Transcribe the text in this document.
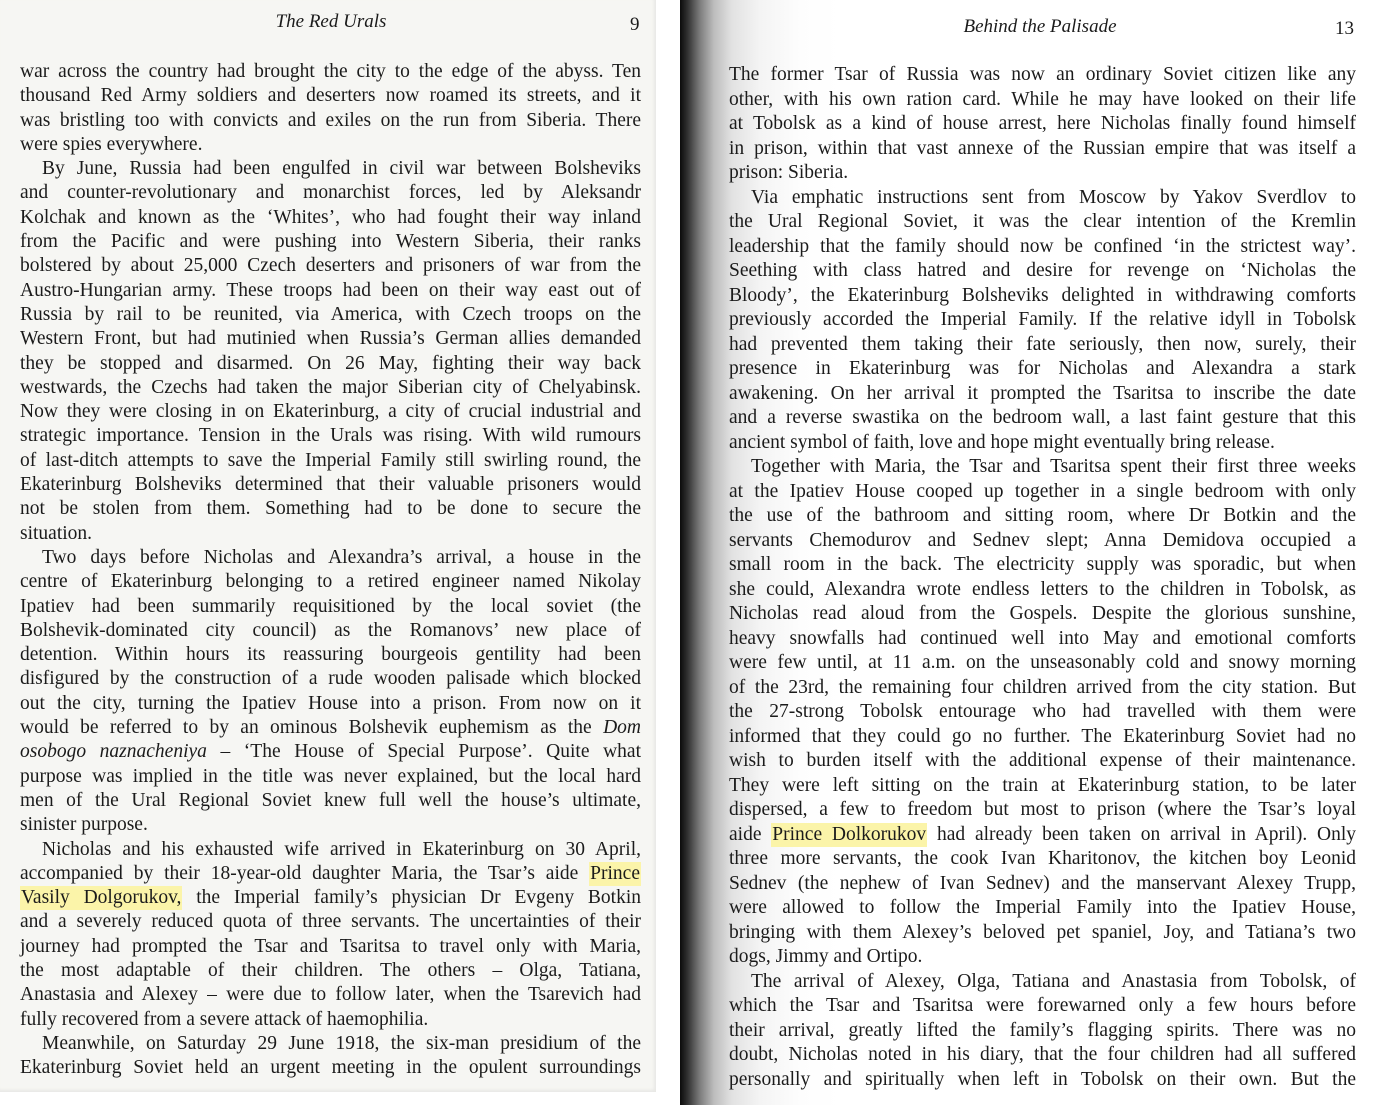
The Red Urals	9
war across the country had brought the city to the edge of the abyss. Ten
thousand Red Army soldiers and deserters now roamed its streets, and it
was bristling too with convicts and exiles on the run from Siberia. There
were spies everywhere.
By June, Russia had been engulfed in civil war between Bolsheviks
and counter-revolutionary and monarchist forces, led by Aleksandr
Kolchak and known as the ‘Whites’, who had fought their way inland
from the Pacific and were pushing into Western Siberia, their ranks
bolstered by about 25,000 Czech deserters and prisoners of war from the
Austro-Hungarian army. These troops had been on their way east out of
Russia by rail to be reunited, via America, with Czech troops on the
Western Front, but had mutinied when Russia’s German allies demanded
they be stopped and disarmed. On 26 May, fighting their way back
westwards, the Czechs had taken the major Siberian city of Chelyabinsk.
Now they were closing in on Ekaterinburg, a city of crucial industrial and
strategic importance. Tension in the Urals was rising. With wild rumours
of last-ditch attempts to save the Imperial Family still swirling round, the
Ekaterinburg Bolsheviks determined that their valuable prisoners would
not be stolen from them. Something had to be done to secure the
situation.
Two days before Nicholas and Alexandra’s arrival, a house in the
centre of Ekaterinburg belonging to a retired engineer named Nikolay
Ipatiev had been summarily requisitioned by the local soviet (the
Bolshevik-dominated city council) as the Romanovs’ new place of
detention. Within hours its reassuring bourgeois gentility had been
disfigured by the construction of a rude wooden palisade which blocked
out the city, turning the Ipatiev House into a prison. From now on it
would be referred to by an ominous Bolshevik euphemism as the Dom
osobogo naznacheniya – ‘The House of Special Purpose’. Quite what
purpose was implied in the title was never explained, but the local hard
men of the Ural Regional Soviet knew full well the house’s ultimate,
sinister purpose.
Nicholas and his exhausted wife arrived in Ekaterinburg on 30 April,
accompanied by their 18-year-old daughter Maria, the Tsar’s aide Prince
Vasily Dolgorukov, the Imperial family’s physician Dr Evgeny Botkin
and a severely reduced quota of three servants. The uncertainties of their
journey had prompted the Tsar and Tsaritsa to travel only with Maria,
the most adaptable of their children. The others – Olga, Tatiana,
Anastasia and Alexey – were due to follow later, when the Tsarevich had
fully recovered from a severe attack of haemophilia.
Meanwhile, on Saturday 29 June 1918, the six-man presidium of the
Ekaterinburg Soviet held an urgent meeting in the opulent surroundings
Behind the Palisade	13
The former Tsar of Russia was now an ordinary Soviet citizen like any
other, with his own ration card. While he may have looked on their life
at Tobolsk as a kind of house arrest, here Nicholas finally found himself
in prison, within that vast annexe of the Russian empire that was itself a
prison: Siberia.
Via emphatic instructions sent from Moscow by Yakov Sverdlov to
the Ural Regional Soviet, it was the clear intention of the Kremlin
leadership that the family should now be confined ‘in the strictest way’.
Seething with class hatred and desire for revenge on ‘Nicholas the
Bloody’, the Ekaterinburg Bolsheviks delighted in withdrawing comforts
previously accorded the Imperial Family. If the relative idyll in Tobolsk
had prevented them taking their fate seriously, then now, surely, their
presence in Ekaterinburg was for Nicholas and Alexandra a stark
awakening. On her arrival it prompted the Tsaritsa to inscribe the date
and a reverse swastika on the bedroom wall, a last faint gesture that this
ancient symbol of faith, love and hope might eventually bring release.
Together with Maria, the Tsar and Tsaritsa spent their first three weeks
at the Ipatiev House cooped up together in a single bedroom with only
the use of the bathroom and sitting room, where Dr Botkin and the
servants Chemodurov and Sednev slept; Anna Demidova occupied a
small room in the back. The electricity supply was sporadic, but when
she could, Alexandra wrote endless letters to the children in Tobolsk, as
Nicholas read aloud from the Gospels. Despite the glorious sunshine,
heavy snowfalls had continued well into May and emotional comforts
were few until, at 11 a.m. on the unseasonably cold and snowy morning
of the 23rd, the remaining four children arrived from the city station. But
the 27-strong Tobolsk entourage who had travelled with them were
informed that they could go no further. The Ekaterinburg Soviet had no
wish to burden itself with the additional expense of their maintenance.
They were left sitting on the train at Ekaterinburg station, to be later
dispersed, a few to freedom but most to prison (where the Tsar’s loyal
aide Prince Dolkorukov had already been taken on arrival in April). Only
three more servants, the cook Ivan Kharitonov, the kitchen boy Leonid
Sednev (the nephew of Ivan Sednev) and the manservant Alexey Trupp,
were allowed to follow the Imperial Family into the Ipatiev House,
bringing with them Alexey’s beloved pet spaniel, Joy, and Tatiana’s two
dogs, Jimmy and Ortipo.
The arrival of Alexey, Olga, Tatiana and Anastasia from Tobolsk, of
which the Tsar and Tsaritsa were forewarned only a few hours before
their arrival, greatly lifted the family’s flagging spirits. There was no
doubt, Nicholas noted in his diary, that the four children had all suffered
personally and spiritually when left in Tobolsk on their own. But the
